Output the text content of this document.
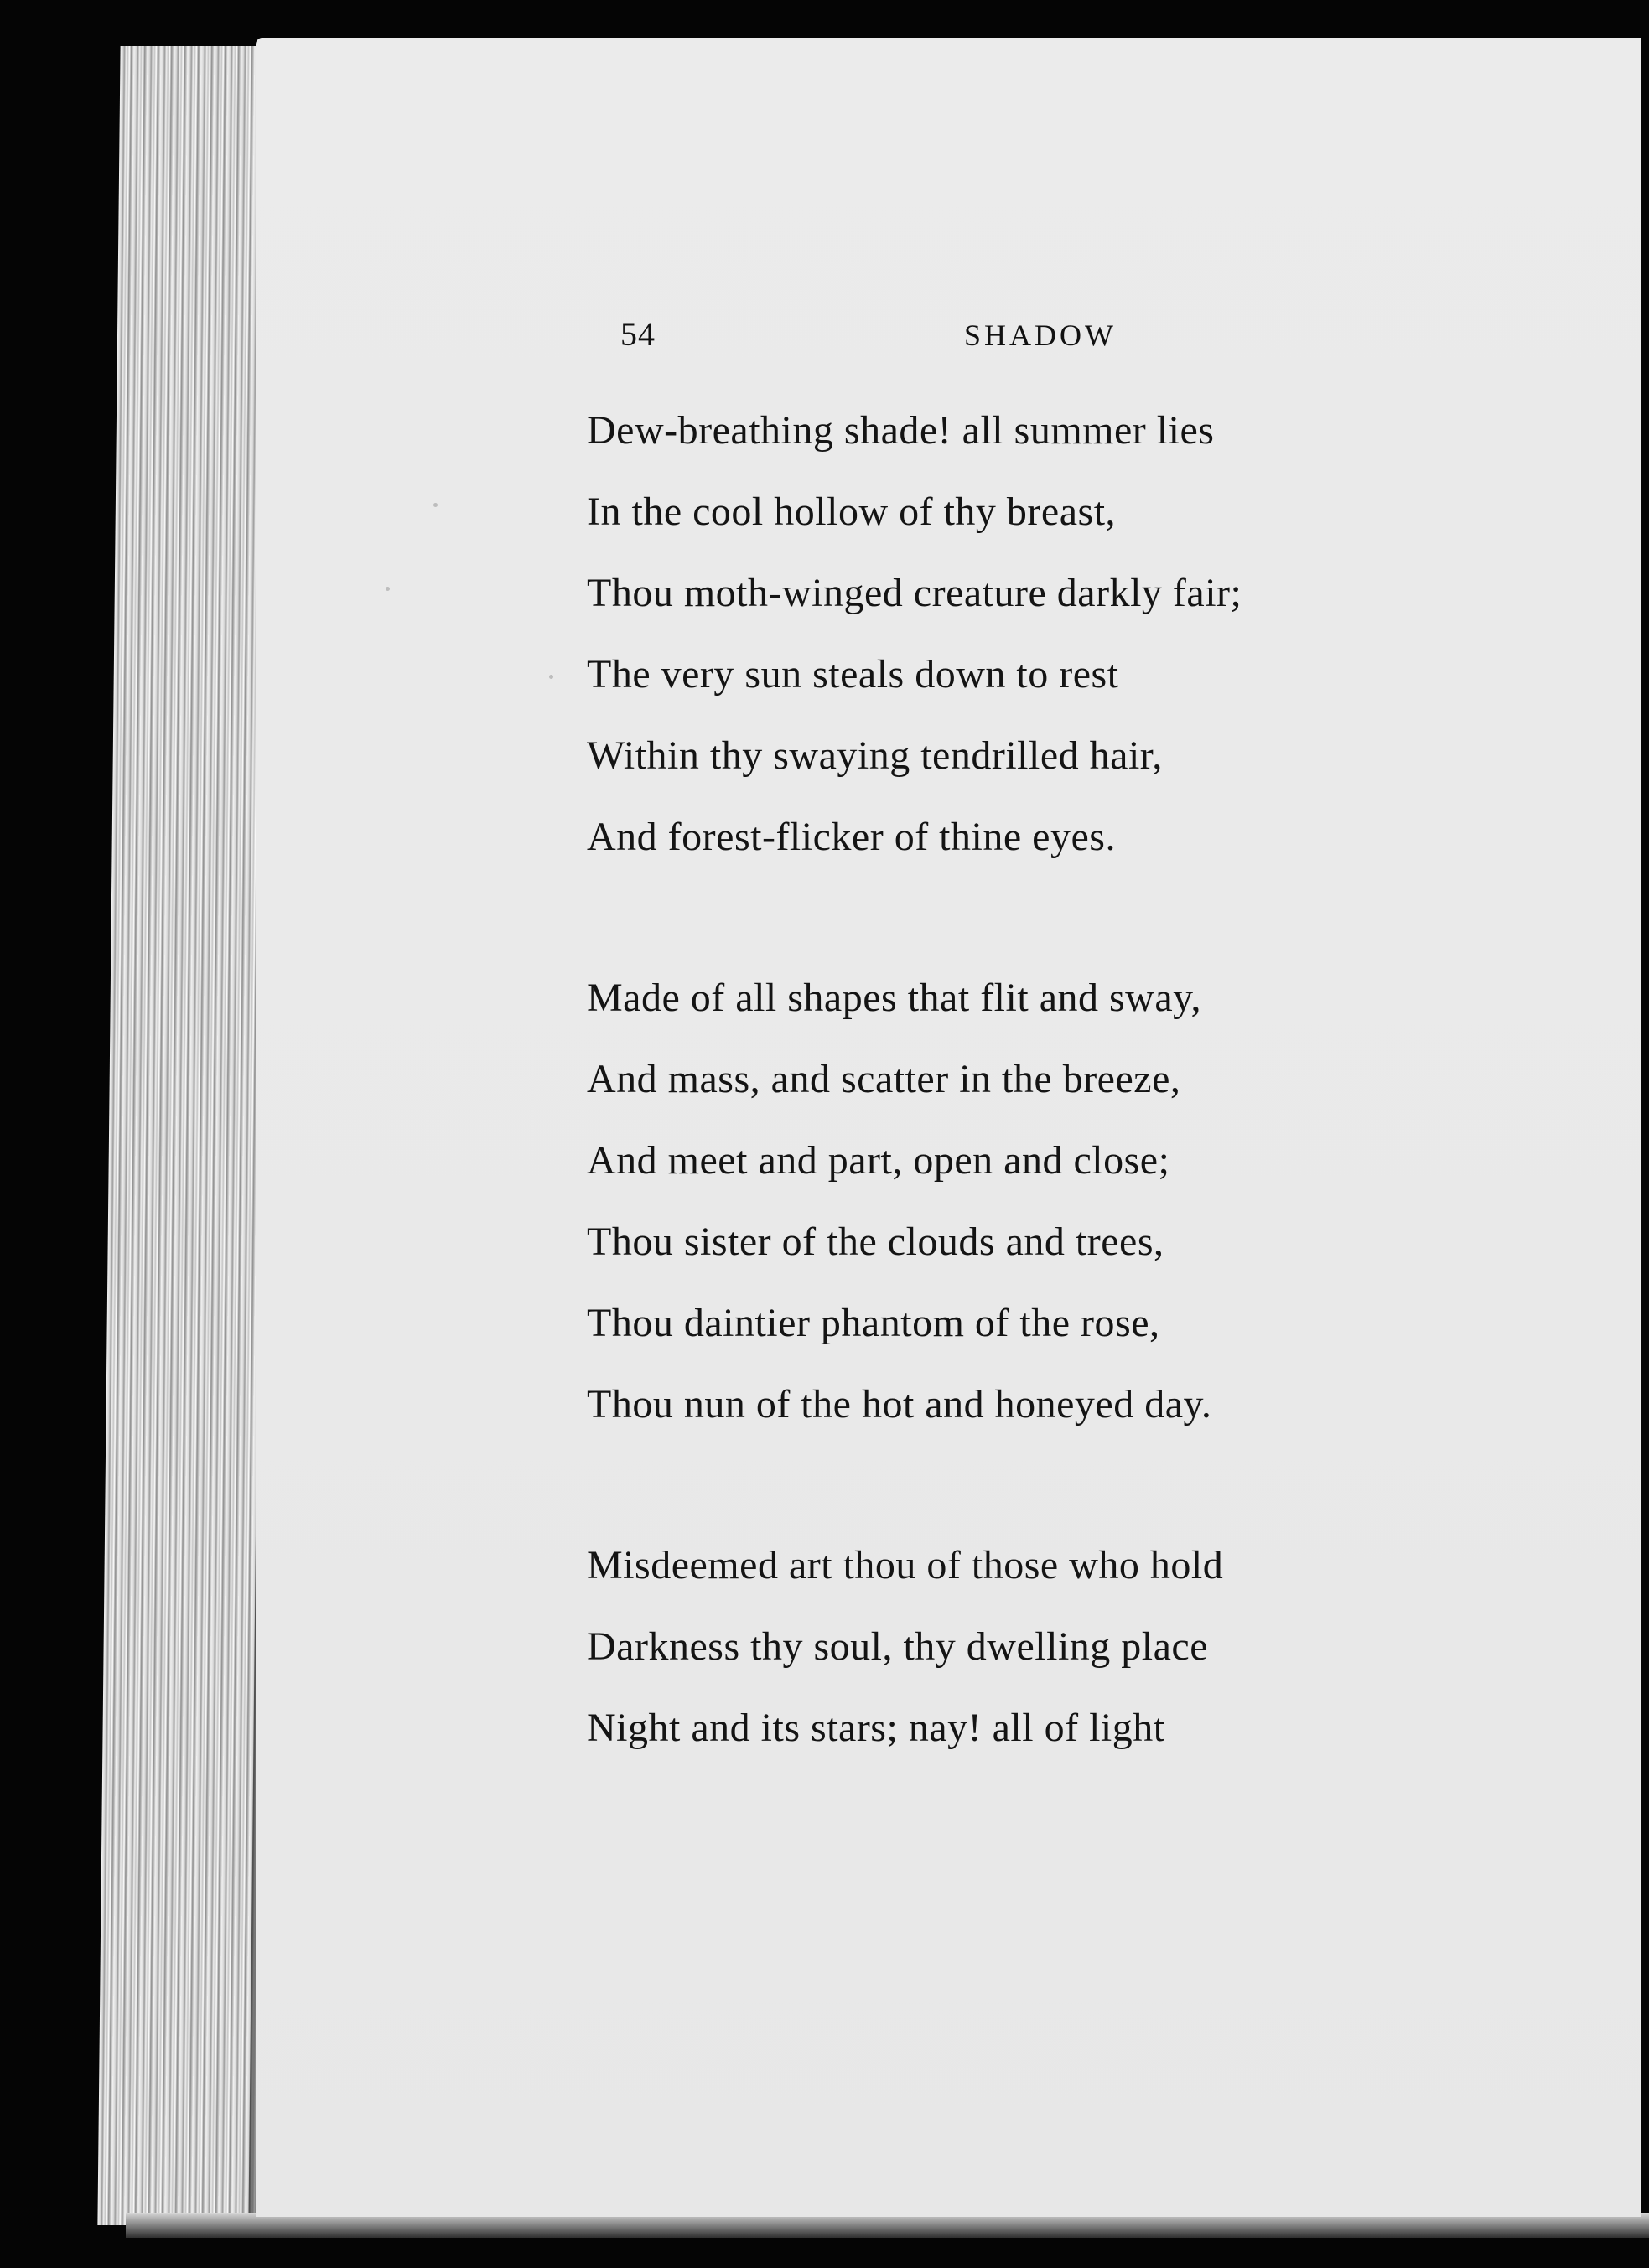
54	SHADOW
Dew-breathing shade! all summer lies
In the cool hollow of thy breast,
Thou moth-winged creature darkly fair;
The very sun steals down to rest
Within thy swaying tendrilled hair,
And forest-flicker of thine eyes.
Made of all shapes that flit and sway,
And mass, and scatter in the breeze,
And meet and part, open and close;
Thou sister of the clouds and trees,
Thou daintier phantom of the rose,
Thou nun of the hot and honeyed day.
Misdeemed art thou of those who hold
Darkness thy soul, thy dwelling place
Night and its stars; nay! all of light
